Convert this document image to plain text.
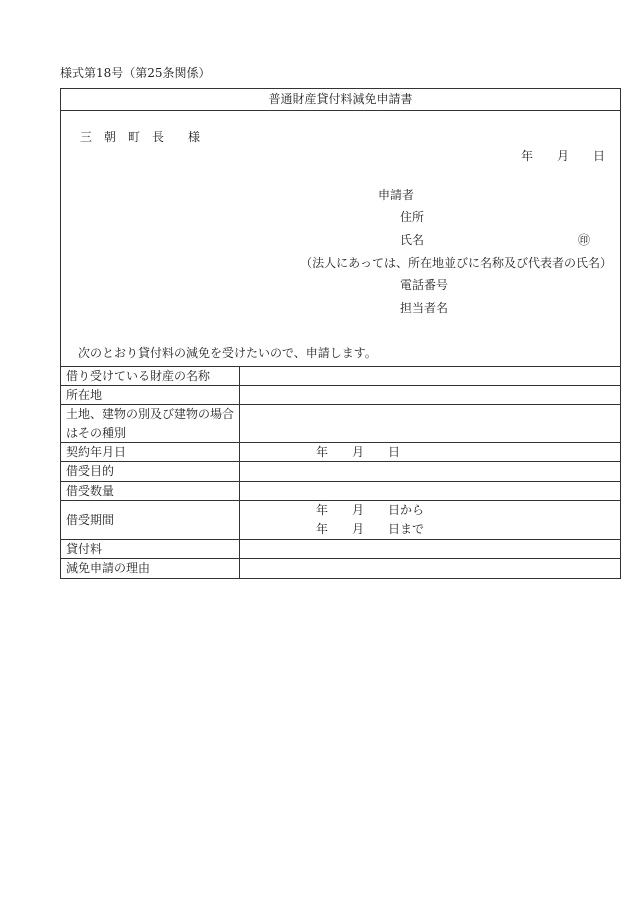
様式第18号（第25条関係）
普通財産貸付料減免申請書
三　朝　町　長　　様
年　　月　　日
申請者
住所
氏名	㊞
（法人にあっては、所在地並びに名称及び代表者の氏名）
電話番号
担当者名
次のとおり貸付料の減免を受けたいので、申請します。
借り受けている財産の名称
所在地
土地、建物の別及び建物の場合
はその種別
契約年月日	年　　月　　日
借受目的
借受数量
借受期間
年　　月　　日から
年　　月　　日まで
貸付料
減免申請の理由
